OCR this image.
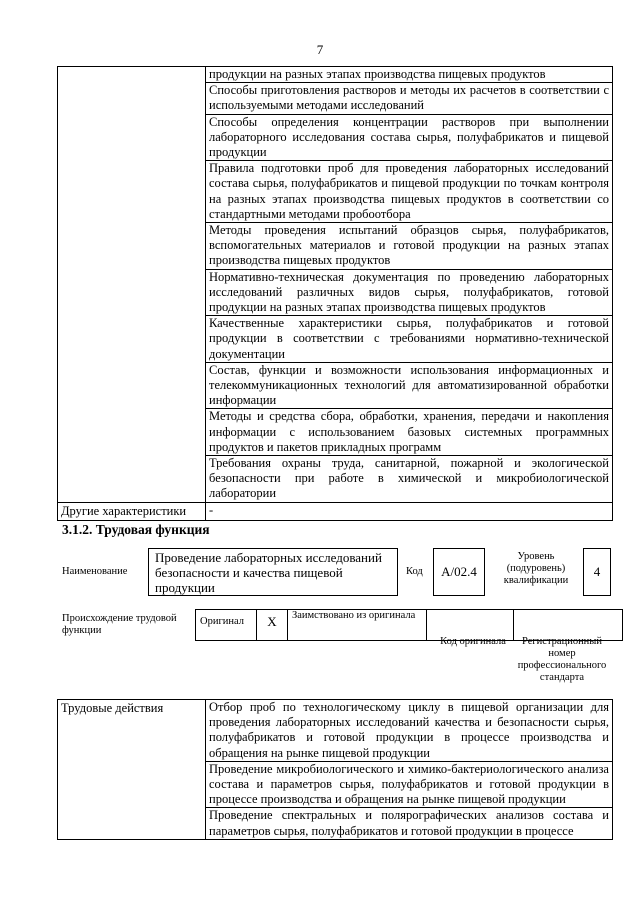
7
	продукции на разных этапах производства пищевых продуктов
	Способы приготовления растворов и методы их расчетов в соответствии с используемыми методами исследований
	Способы определения концентрации растворов при выполнении лабораторного исследования состава сырья, полуфабрикатов и пищевой продукции
	Правила подготовки проб для проведения лабораторных исследований состава сырья, полуфабрикатов и пищевой продукции по точкам контроля на разных этапах производства пищевых продуктов в соответствии со стандартными методами пробоотбора
	Методы проведения испытаний образцов сырья, полуфабрикатов, вспомогательных материалов и готовой продукции на разных этапах производства пищевых продуктов
	Нормативно-техническая документация по проведению лабораторных исследований различных видов сырья, полуфабрикатов, готовой продукции на разных этапах производства пищевых продуктов
	Качественные характеристики сырья, полуфабрикатов и готовой продукции в соответствии с требованиями нормативно-технической документации
	Состав, функции и возможности использования информационных и телекоммуникационных технологий для автоматизированной обработки информации
	Методы и средства сбора, обработки, хранения, передачи и накопления информации с использованием базовых системных программных продуктов и пакетов прикладных программ
	Требования охраны труда, санитарной, пожарной и экологической безопасности при работе в химической и микробиологической лаборатории
Другие характеристики	-
3.1.2. Трудовая функция
Наименование
Проведение лабораторных исследований безопасности и качества пищевой продукции
Код	А/02.4
Уровень (подуровень) квалификации
4
Происхождение трудовой функции
Оригинал	X	Заимствовано из оригинала		
Код оригинала	Регистрационный номер профессионального стандарта
Трудовые действия	Отбор проб по технологическому циклу в пищевой организации для проведения лабораторных исследований качества и безопасности сырья, полуфабрикатов и готовой продукции в процессе производства и обращения на рынке пищевой продукции
Проведение микробиологического и химико-бактериологического анализа состава и параметров сырья, полуфабрикатов и готовой продукции в процессе производства и обращения на рынке пищевой продукции
Проведение спектральных и полярографических анализов состава и параметров сырья, полуфабрикатов и готовой продукции в процессе
